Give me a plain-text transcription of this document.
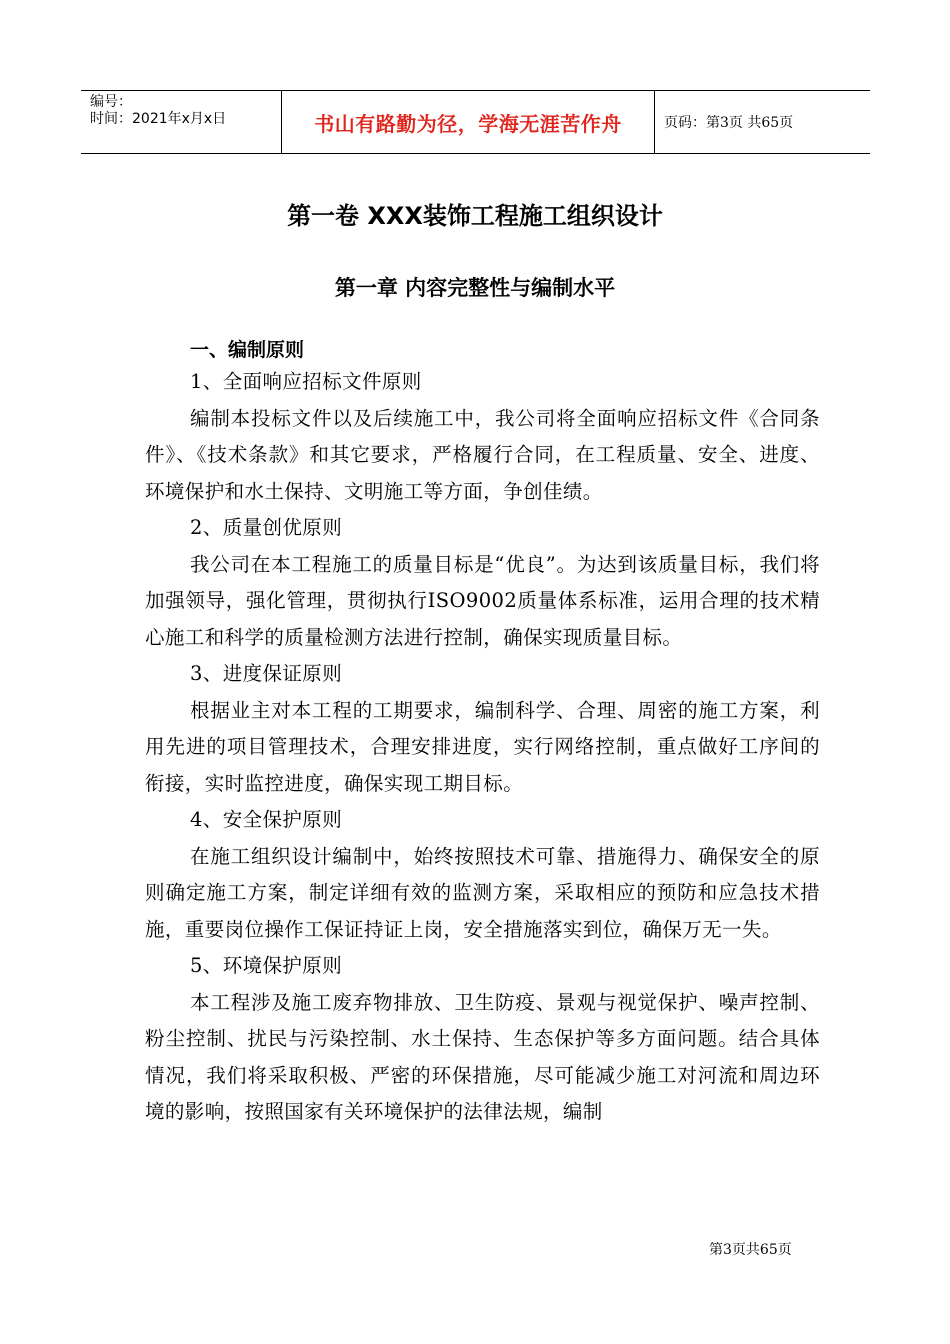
编号：
时间：2021年x月x日	书山有路勤为径，学海无涯苦作舟	页码：第3页 共65页
第一卷 XXX装饰工程施工组织设计
第一章 内容完整性与编制水平
一、编制原则

1、全面响应招标文件原则

编制本投标文件以及后续施工中，我公司将全面响应招标文件《合同条件》、《技术条款》和其它要求，严格履行合同，在工程质量、安全、进度、环境保护和水土保持、文明施工等方面，争创佳绩。

2、质量创优原则

我公司在本工程施工的质量目标是“优良”。为达到该质量目标，我们将加强领导，强化管理，贯彻执行ISO9002质量体系标准，运用合理的技术精心施工和科学的质量检测方法进行控制，确保实现质量目标。

3、进度保证原则

根据业主对本工程的工期要求，编制科学、合理、周密的施工方案，利用先进的项目管理技术，合理安排进度，实行网络控制，重点做好工序间的衔接，实时监控进度，确保实现工期目标。

4、安全保护原则

在施工组织设计编制中，始终按照技术可靠、措施得力、确保安全的原则确定施工方案，制定详细有效的监测方案，采取相应的预防和应急技术措施，重要岗位操作工保证持证上岗，安全措施落实到位，确保万无一失。

5、环境保护原则

本工程涉及施工废弃物排放、卫生防疫、景观与视觉保护、噪声控制、粉尘控制、扰民与污染控制、水土保持、生态保护等多方面问题。结合具体情况，我们将采取积极、严密的环保措施，尽可能减少施工对河流和周边环境的影响，按照国家有关环境保护的法律法规，编制

第3页共65页
